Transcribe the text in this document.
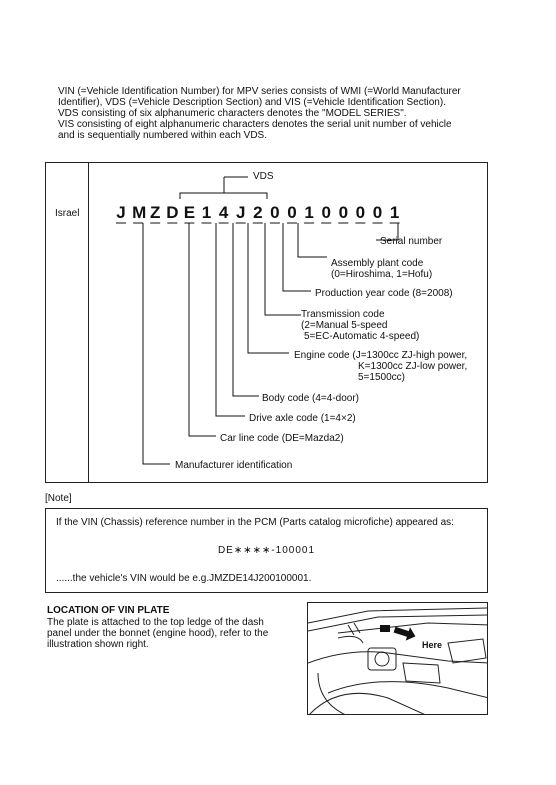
VIN (=Vehicle Identification Number) for MPV series consists of WMI (=World Manufacturer
Identifier), VDS (=Vehicle Description Section) and VIS (=Vehicle Identification Section).
VDS consisting of six alphanumeric characters denotes the "MODEL SERIES".
VIS consisting of eight alphanumeric characters denotes the serial unit number of vehicle
and is sequentially numbered within each VDS.
Israel
VDS
J M Z D E 1 4 J 2 0 0 1 0 0 0 0 1
Serial number
Assembly plant code
(0=Hiroshima, 1=Hofu)
Production year code (8=2008)
Transmission code
(2=Manual 5-speed
5=EC-Automatic 4-speed)
Engine code (J=1300cc ZJ-high power,
K=1300cc ZJ-low power,
5=1500cc)
Body code (4=4-door)
Drive axle code (1=4×2)
Car line code (DE=Mazda2)
Manufacturer identification
[Note]
If the VIN (Chassis) reference number in the PCM (Parts catalog microfiche) appeared as:
DE∗∗∗∗-100001
......the vehicle's VIN would be e.g.JMZDE14J200100001.
LOCATION OF VIN PLATE
The plate is attached to the top ledge of the dash
panel under the bonnet (engine hood), refer to the
illustration shown right.	Here
